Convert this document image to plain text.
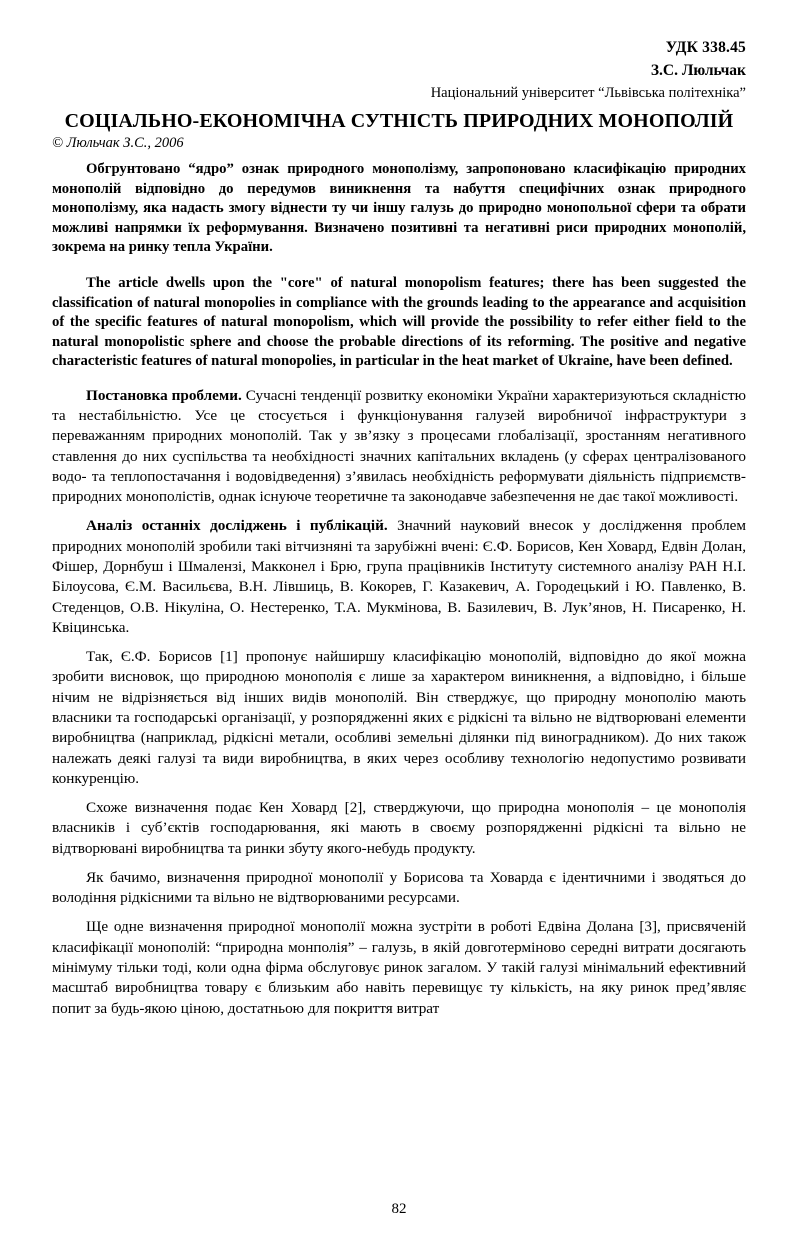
УДК 338.45
З.С. Люльчак
Національний університет “Львівська політехніка”
СОЦІАЛЬНО-ЕКОНОМІЧНА СУТНІСТЬ ПРИРОДНИХ МОНОПОЛІЙ
© Люльчак З.С., 2006
Обгрунтовано “ядро” ознак природного монополізму, запропоновано класифікацію природних монополій відповідно до передумов виникнення та набуття специфічних ознак природного монополізму, яка надасть змогу віднести ту чи іншу галузь до природно монопольної сфери та обрати можливі напрямки їх реформування. Визначено позитивні та негативні риси природних монополій, зокрема на ринку тепла України.
The article dwells upon the "core" of natural monopolism features; there has been suggested the classification of natural monopolies in compliance with the grounds leading to the appearance and acquisition of the specific features of natural monopolism, which will provide the possibility to refer either field to the natural monopolistic sphere and choose the probable directions of its reforming. The positive and negative characteristic features of natural monopolies, in particular in the heat market of Ukraine, have been defined.

Постановка проблеми. Сучасні тенденції розвитку економіки України характеризуються складністю та нестабільністю. Усе це стосується і функціонування галузей виробничої інфраструктури з переважанням природних монополій. Так у зв’язку з процесами глобалізації, зростанням негативного ставлення до них суспільства та необхідності значних капітальних вкладень (у сферах централізованого водо- та теплопостачання і водовідведення) з’явилась необхідність реформувати діяльність підприємств-природних монополістів, однак існуюче теоретичне та законодавче забезпечення не дає такої можливості.

Аналіз останніх досліджень і публікацій. Значний науковий внесок у дослідження проблем природних монополій зробили такі вітчизняні та зарубіжні вчені: Є.Ф. Борисов, Кен Ховард, Едвін Долан, Фішер, Дорнбуш і Шмалензі, Макконел і Брю, група працівників Інституту системного аналізу РАН Н.І. Білоусова, Є.М. Васильєва, В.Н. Лівшиць, В. Кокорев, Г. Казакевич, А. Городецький і Ю. Павленко, В. Стеденцов, О.В. Нікуліна, О. Нестеренко, Т.А. Мукмінова, В. Базилевич, В. Лук’янов, Н. Писаренко, Н. Квіцинська.

Так, Є.Ф. Борисов [1] пропонує найширшу класифікацію монополій, відповідно до якої можна зробити висновок, що природною монополія є лише за характером виникнення, а відповідно, і більше нічим не відрізняється від інших видів монополій. Він стверджує, що природну монополію мають власники та господарські організації, у розпорядженні яких є рідкісні та вільно не відтворювані елементи виробництва (наприклад, рідкісні метали, особливі земельні ділянки під виноградником). До них також належать деякі галузі та види виробництва, в яких через особливу технологію недопустимо розвивати конкуренцію.

Схоже визначення подає Кен Ховард [2], стверджуючи, що природна монополія – це монополія власників і суб’єктів господарювання, які мають в своєму розпорядженні рідкісні та вільно не відтворювані виробництва та ринки збуту якого-небудь продукту.

Як бачимо, визначення природної монополії у Борисова та Ховарда є ідентичними і зводяться до володіння рідкісними та вільно не відтворюваними ресурсами.

Ще одне визначення природної монополії можна зустріти в роботі Едвіна Долана [3], присвяченій класифікації монополій: “природна монполія” – галузь, в якій довготерміново середні витрати досягають мінімуму тільки тоді, коли одна фірма обслуговує ринок загалом. У такій галузі мінімальний ефективний масштаб виробництва товару є близьким або навіть перевищує ту кількість, на яку ринок пред’являє попит за будь-якою ціною, достатньою для покриття витрат

82
